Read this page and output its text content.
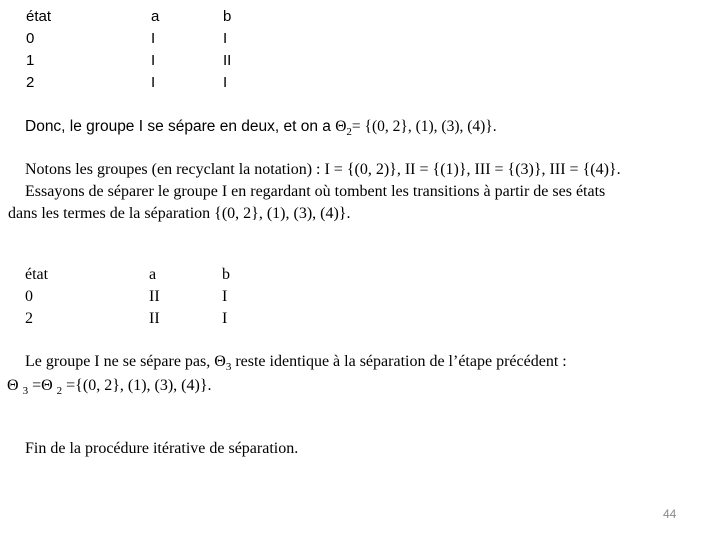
état	a	b
0	I	I
1	I	II
2	I	I
Donc, le groupe I se sépare en deux, et on a $\Theta_2= \{(0$, 2}, (1), (3), (4)}.
Notons les groupes (en recyclant la notation) : I = {(0, 2)}, II = {(1)}, III = {(3)}, III = {(4)}.
Essayons de séparer le groupe I en regardant où tombent les transitions à partir de ses états
dans les termes de la séparation {(0, 2}, (1), (3), (4)}.
état	a	b
0	II	I
2	II	I
Le groupe I ne se sépare pas, $\Theta_3$ reste identique à la séparation de l’étape précédent :
Θ $_3$ =Θ $_2$ ={(0, 2}, (1), (3), (4)}.
Fin de la procédure itérative de séparation.
44
